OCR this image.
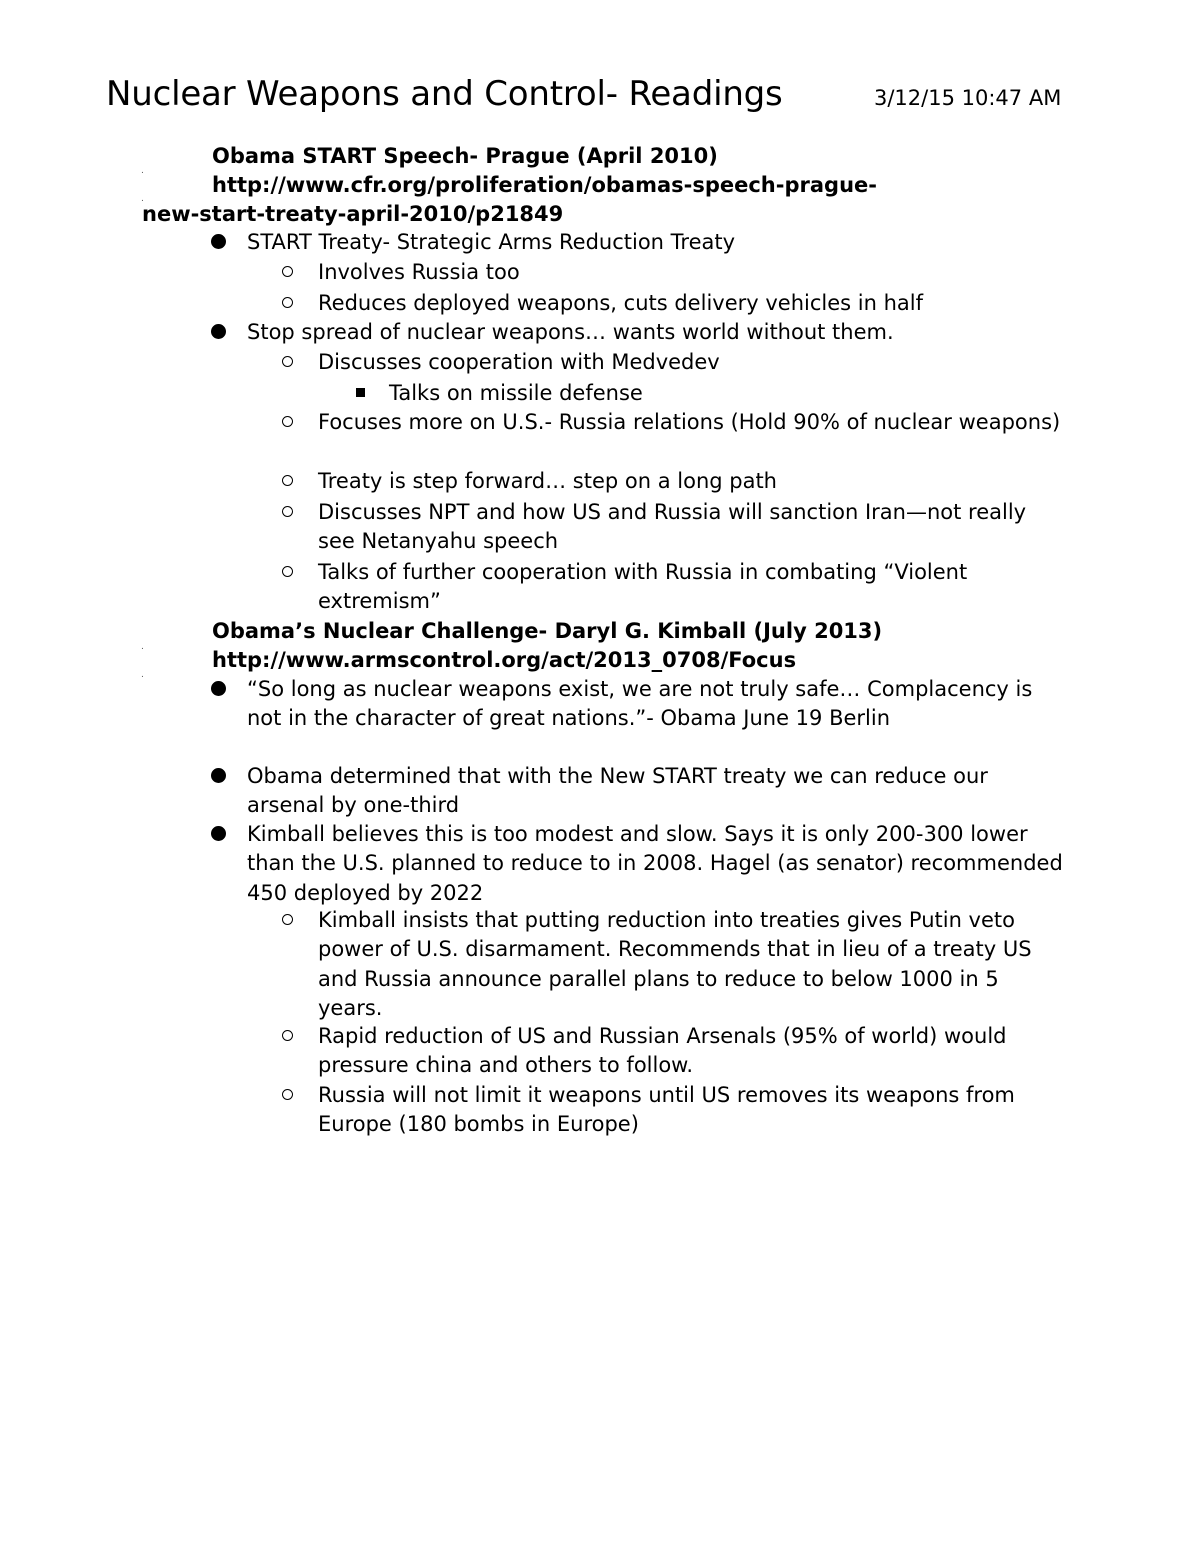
Nuclear Weapons and Control- Readings	3/12/15 10:47 AM
.
Obama START Speech- Prague (April 2010)
.
http://www.cfr.org/proliferation/obamas-speech-prague-
new-start-treaty-april-2010/p21849
START Treaty- Strategic Arms Reduction Treaty
Involves Russia too
Reduces deployed weapons, cuts delivery vehicles in half
Stop spread of nuclear weapons… wants world without them.
Discusses cooperation with Medvedev
Talks on missile defense
Focuses more on U.S.- Russia relations (Hold 90% of nuclear weapons)
Treaty is step forward… step on a long path
Discusses NPT and how US and Russia will sanction Iran—not really see Netanyahu speech
Talks of further cooperation with Russia in combating “Violent extremism”
.
Obama’s Nuclear Challenge- Daryl G. Kimball (July 2013)
.
http://www.armscontrol.org/act/2013_0708/Focus
“So long as nuclear weapons exist, we are not truly safe… Complacency is not in the character of great nations.”- Obama June 19 Berlin
Obama determined that with the New START treaty we can reduce our arsenal by one-third
Kimball believes this is too modest and slow. Says it is only 200-300 lower than the U.S. planned to reduce to in 2008. Hagel (as senator) recommended 450 deployed by 2022
Kimball insists that putting reduction into treaties gives Putin veto power of U.S. disarmament. Recommends that in lieu of a treaty US and Russia announce parallel plans to reduce to below 1000 in 5 years.
Rapid reduction of US and Russian Arsenals (95% of world) would pressure china and others to follow.
Russia will not limit it weapons until US removes its weapons from Europe (180 bombs in Europe)
